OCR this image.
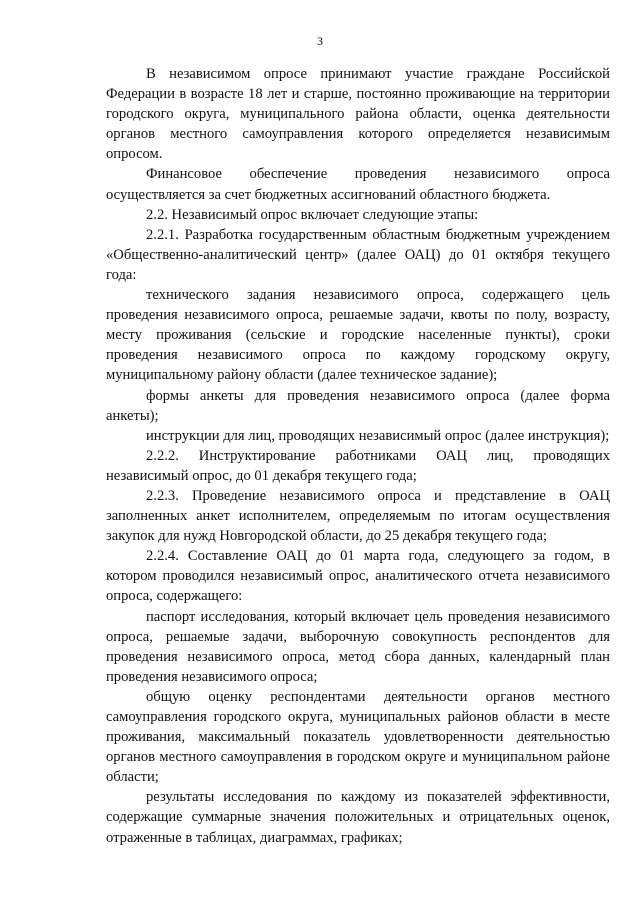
3

В независимом опросе принимают участие граждане Российской Федерации в возрасте 18 лет и старше, постоянно проживающие на территории городского округа, муниципального района области, оценка деятельности органов местного самоуправления которого определяется независимым опросом.

Финансовое обеспечение проведения независимого опроса осуществляется за счет бюджетных ассигнований областного бюджета.

2.2. Независимый опрос включает следующие этапы:

2.2.1. Разработка государственным областным бюджетным учреждением «Общественно-аналитический центр» (далее ОАЦ) до 01 октября текущего года:

технического задания независимого опроса, содержащего цель проведения независимого опроса, решаемые задачи, квоты по полу, возрасту, месту проживания (сельские и городские населенные пункты), сроки проведения независимого опроса по каждому городскому округу, муниципальному району области (далее техническое задание);

формы анкеты для проведения независимого опроса (далее форма анкеты);

инструкции для лиц, проводящих независимый опрос (далее инструкция);

2.2.2. Инструктирование работниками ОАЦ лиц, проводящих независимый опрос, до 01 декабря текущего года;

2.2.3. Проведение независимого опроса и представление в ОАЦ заполненных анкет исполнителем, определяемым по итогам осуществления закупок для нужд Новгородской области, до 25 декабря текущего года;

2.2.4. Составление ОАЦ до 01 марта года, следующего за годом, в котором проводился независимый опрос, аналитического отчета независимого опроса, содержащего:

паспорт исследования, который включает цель проведения независимого опроса, решаемые задачи, выборочную совокупность респондентов для проведения независимого опроса, метод сбора данных, календарный план проведения независимого опроса;

общую оценку респондентами деятельности органов местного самоуправления городского округа, муниципальных районов области в месте проживания, максимальный показатель удовлетворенности деятельностью органов местного самоуправления в городском округе и муниципальном районе области;

результаты исследования по каждому из показателей эффективности, содержащие суммарные значения положительных и отрицательных оценок, отраженные в таблицах, диаграммах, графиках;
